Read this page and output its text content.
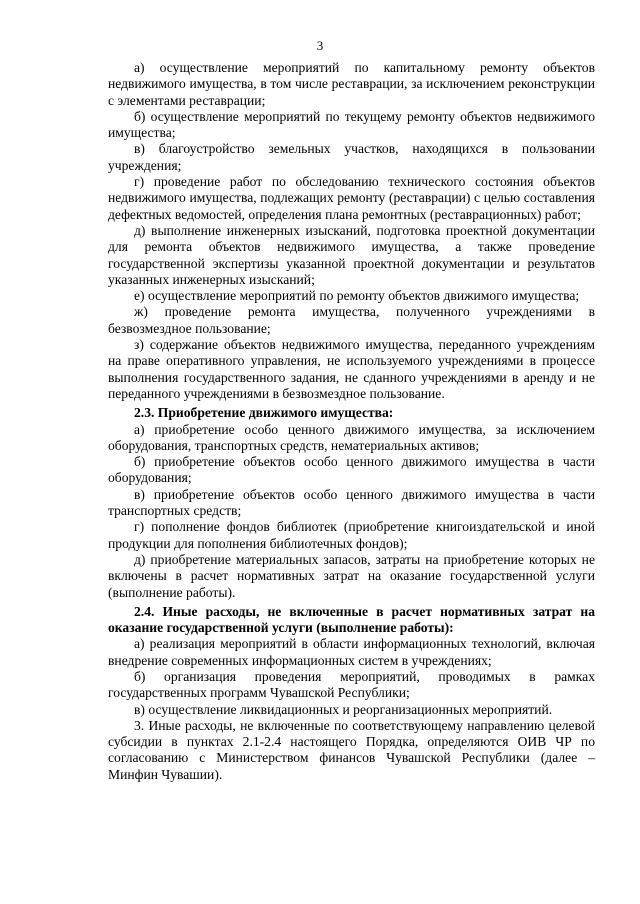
3

а) осуществление мероприятий по капитальному ремонту объектов недвижимого имущества, в том числе реставрации, за исключением реконструкции с элементами реставрации;

б) осуществление мероприятий по текущему ремонту объектов недвижимого имущества;

в) благоустройство земельных участков, находящихся в пользовании учреждения;

г) проведение работ по обследованию технического состояния объектов недвижимого имущества, подлежащих ремонту (реставрации) с целью составления дефектных ведомостей, определения плана ремонтных (реставрационных) работ;

д) выполнение инженерных изысканий, подготовка проектной документации для ремонта объектов недвижимого имущества, а также проведение государственной экспертизы указанной проектной документации и результатов указанных инженерных изысканий;

е) осуществление мероприятий по ремонту объектов движимого имущества;

ж) проведение ремонта имущества, полученного учреждениями в безвозмездное пользование;

з) содержание объектов недвижимого имущества, переданного учреждениям на праве оперативного управления, не используемого учреждениями в процессе выполнения государственного задания, не сданного учреждениями в аренду и не переданного учреждениями в безвозмездное пользование.

2.3. Приобретение движимого имущества:

а) приобретение особо ценного движимого имущества, за исключением оборудования, транспортных средств, нематериальных активов;

б) приобретение объектов особо ценного движимого имущества в части оборудования;

в) приобретение объектов особо ценного движимого имущества в части транспортных средств;

г) пополнение фондов библиотек (приобретение книгоиздательской и иной продукции для пополнения библиотечных фондов);

д) приобретение материальных запасов, затраты на приобретение которых не включены в расчет нормативных затрат на оказание государственной услуги (выполнение работы).

2.4. Иные расходы, не включенные в расчет нормативных затрат на оказание государственной услуги (выполнение работы):

а) реализация мероприятий в области информационных технологий, включая внедрение современных информационных систем в учреждениях;

б) организация проведения мероприятий, проводимых в рамках государственных программ Чувашской Республики;

в) осуществление ликвидационных и реорганизационных мероприятий.

3. Иные расходы, не включенные по соответствующему направлению целевой субсидии в пунктах 2.1-2.4 настоящего Порядка, определяются ОИВ ЧР по согласованию с Министерством финансов Чувашской Республики (далее – Минфин Чувашии).
